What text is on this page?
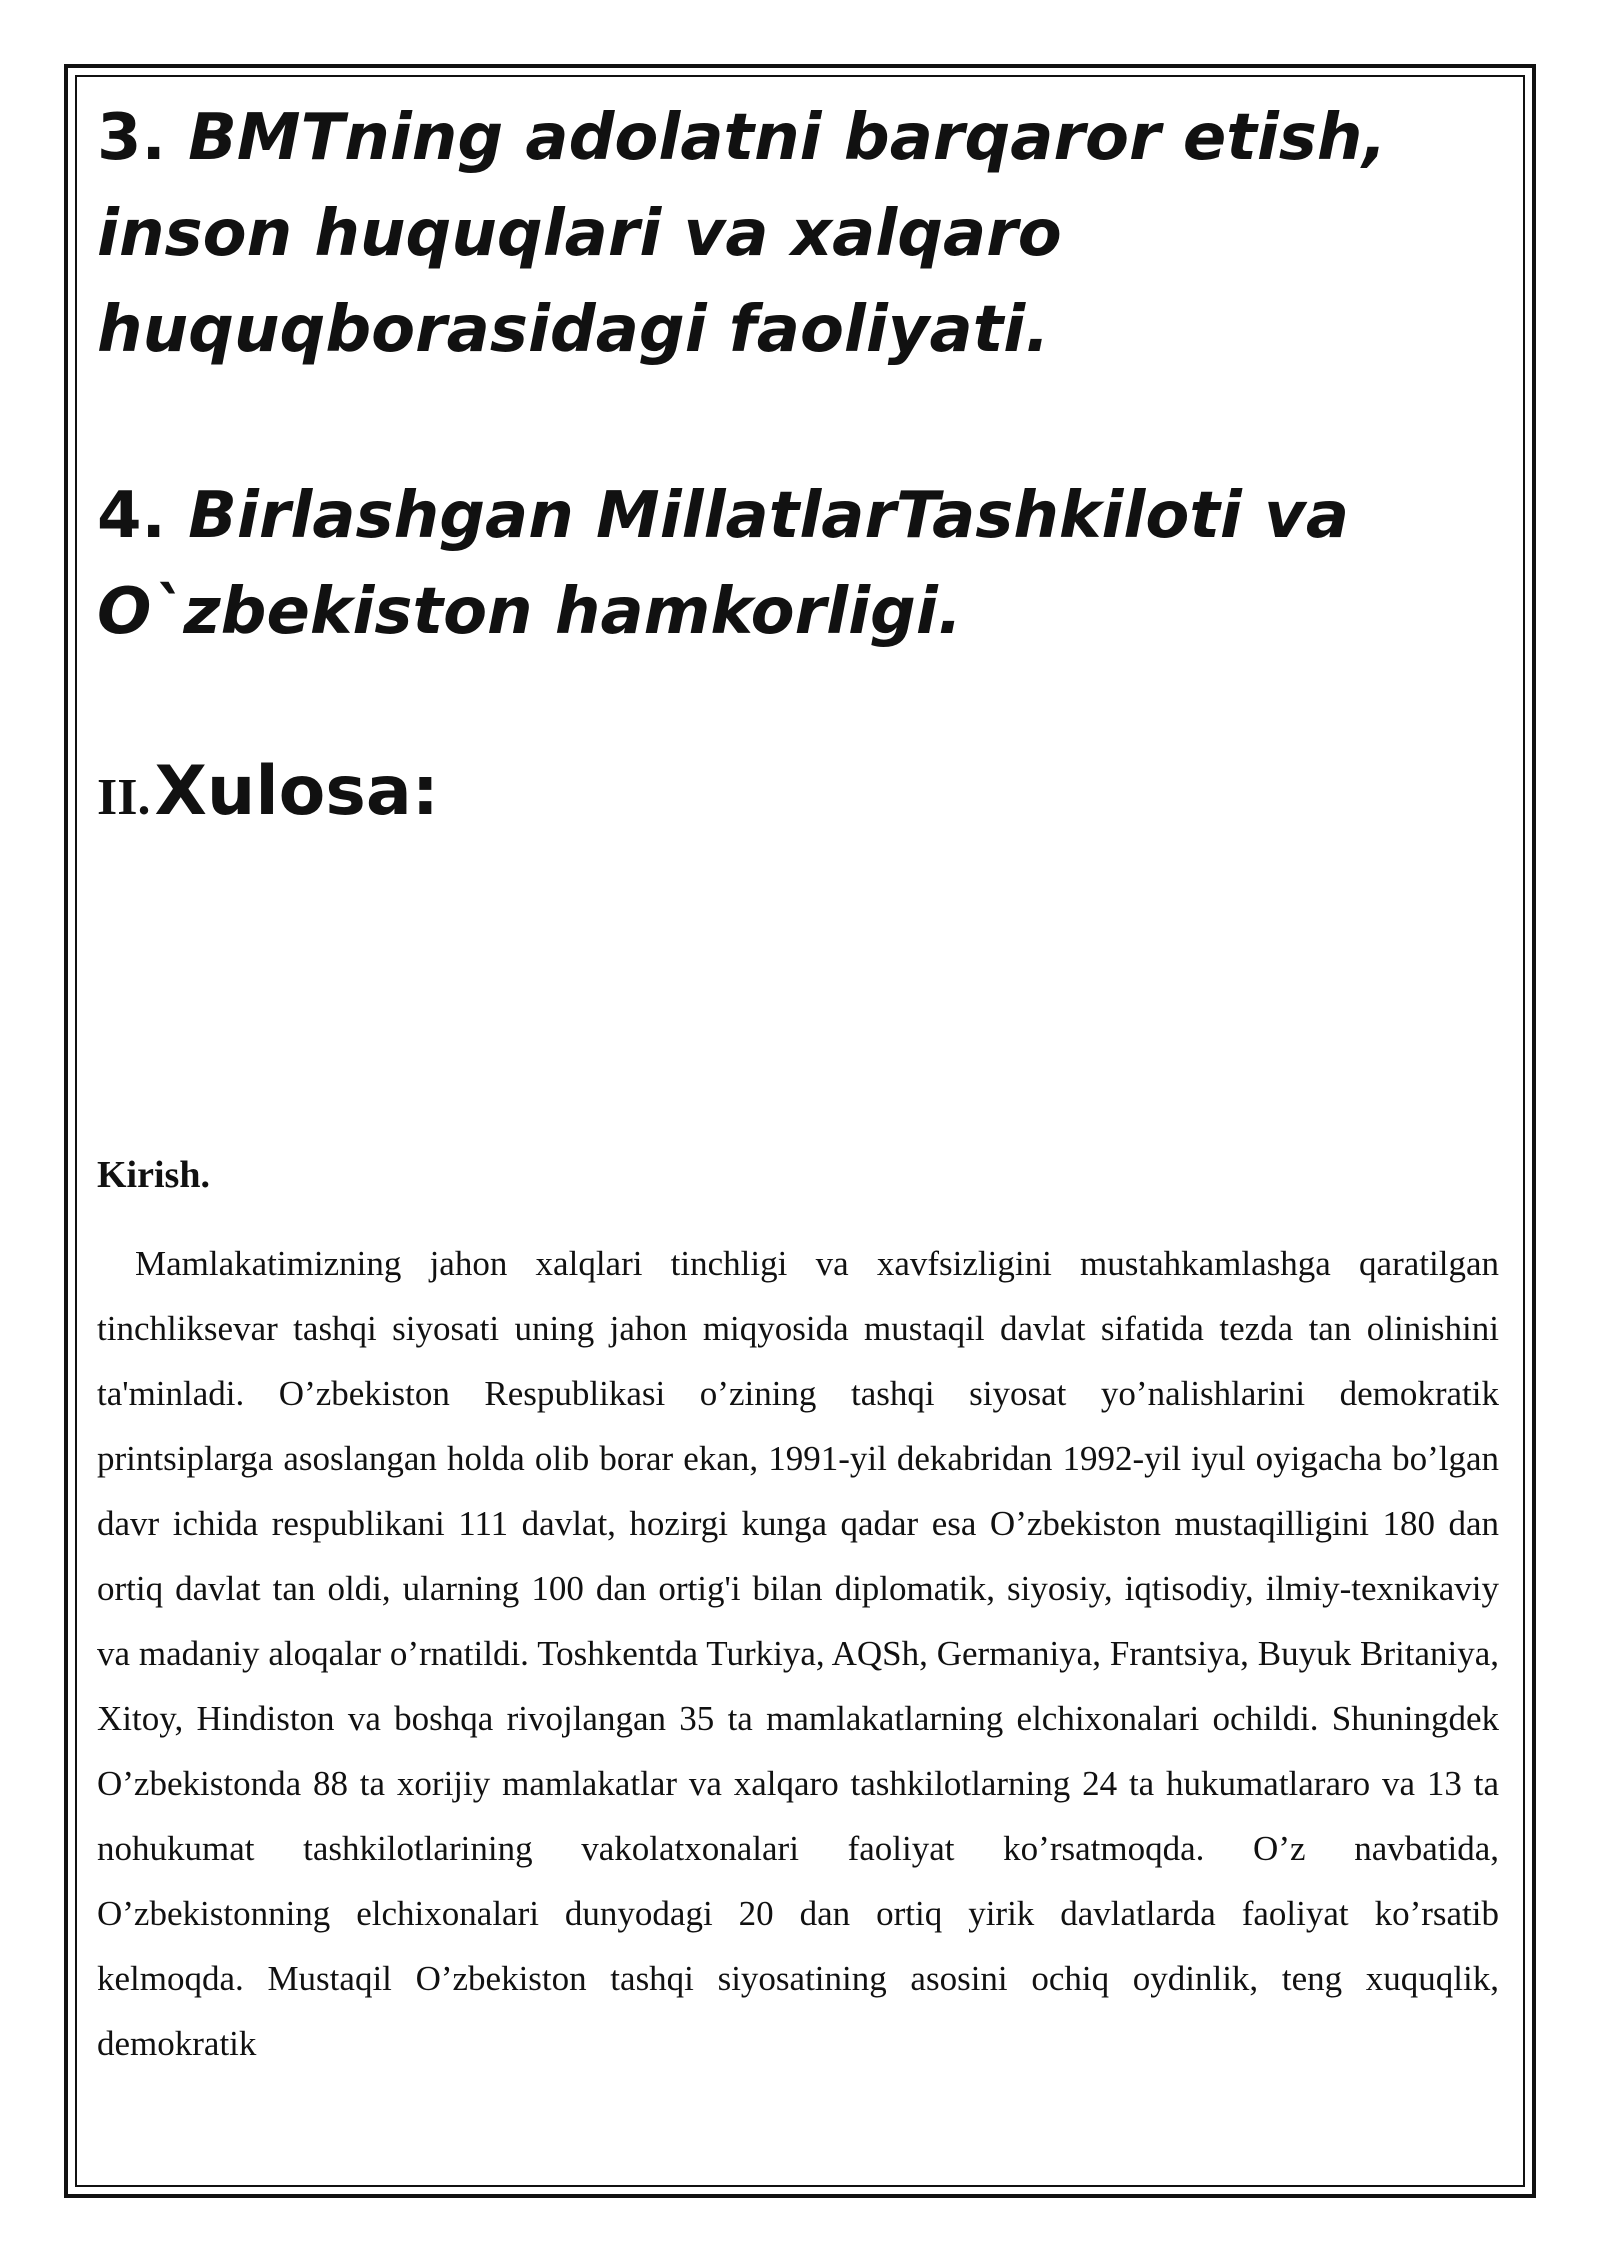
3. BMTning adolatni barqaror etish, inson huquqlari va xalqaro huquqborasidagi faoliyati.

4. Birlashgan MillatlarTashkiloti va O`zbekiston hamkorligi.

II. Xulosa:
Kirish.

Mamlakatimizning jahon xalqlari tinchligi va xavfsizligini mustahkamlashga qaratilgan tinchliksevar tashqi siyosati uning jahon miqyosida mustaqil davlat sifatida tezda tan olinishini ta'minladi. O’zbekiston Respublikasi o’zining tashqi siyosat yo’nalishlarini demokratik printsiplarga asoslangan holda olib borar ekan, 1991-yil dekabridan 1992-yil iyul oyigacha bo’lgan davr ichida respublikani 111 davlat, hozirgi kunga qadar esa O’zbekiston mustaqilligini 180 dan ortiq davlat tan oldi, ularning 100 dan ortig'i bilan diplomatik, siyosiy, iqtisodiy, ilmiy-texnikaviy va madaniy aloqalar o’rnatildi. Toshkentda Turkiya, AQSh, Germaniya, Frantsiya, Buyuk Britaniya, Xitoy, Hindiston va boshqa rivojlangan 35 ta mamlakatlarning elchixonalari ochildi. Shuningdek O’zbekistonda 88 ta xorijiy mamlakatlar va xalqaro tashkilotlarning 24 ta hukumatlararo va 13 ta nohukumat tashkilotlarining vakolatxonalari faoliyat ko’rsatmoqda. O’z navbatida, O’zbekistonning elchixonalari dunyodagi 20 dan ortiq yirik davlatlarda faoliyat ko’rsatib kelmoqda. Mustaqil O’zbekiston tashqi siyosatining asosini ochiq oydinlik, teng xuquqlik, demokratik
